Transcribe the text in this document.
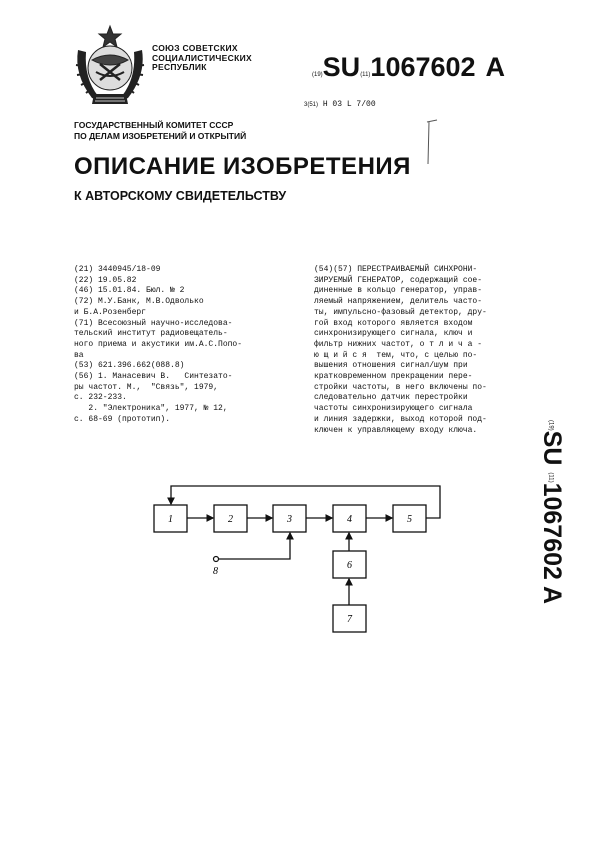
СОЮЗ СОВЕТСКИХ
СОЦИАЛИСТИЧЕСКИХ
РЕСПУБЛИК
(19)SU(11)1067602 A
3(51) H 03 L 7/00
ГОСУДАРСТВЕННЫЙ КОМИТЕТ СССР
ПО ДЕЛАМ ИЗОБРЕТЕНИЙ И ОТКРЫТИЙ
ОПИСАНИЕ ИЗОБРЕТЕНИЯ
К АВТОРСКОМУ СВИДЕТЕЛЬСТВУ
(21) 3440945/18-09
(22) 19.05.82
(46) 15.01.84. Бюл. № 2
(72) М.У.Банк, М.В.Одволько
и Б.А.Розенберг
(71) Всесоюзный научно-исследова-
тельский институт радиовещатель-
ного приема и акустики им.А.С.Попо-
ва
(53) 621.396.662(088.8)
(56) 1. Манасевич В.   Синтезато-
ры частот. М.,  "Связь", 1979,
с. 232-233.
2. "Электроника", 1977, № 12,
с. 68-69 (прототип).
(54)(57) ПЕРЕСТРАИВАЕМЫЙ СИНХРОНИ-
ЗИРУЕМЫЙ ГЕНЕРАТОР, содержащий сое-
диненные в кольцо генератор, управ-
ляемый напряжением, делитель часто-
ты, импульсно-фазовый детектор, дру-
гой вход которого является входом
синхронизирующего сигнала, ключ и
фильтр нижних частот, о т л и ч а -
ю щ и й с я  тем, что, с целью по-
вышения отношения сигнал/шум при
кратковременном прекращении пере-
стройки частоты, в него включены по-
следовательно датчик перестройки
частоты синхронизирующего сигнала
и линия задержки, выход которой под-
ключен к управляющему входу ключа.	(19)SU (11)1067602 A
1	2	3	4	5
6
7
8
